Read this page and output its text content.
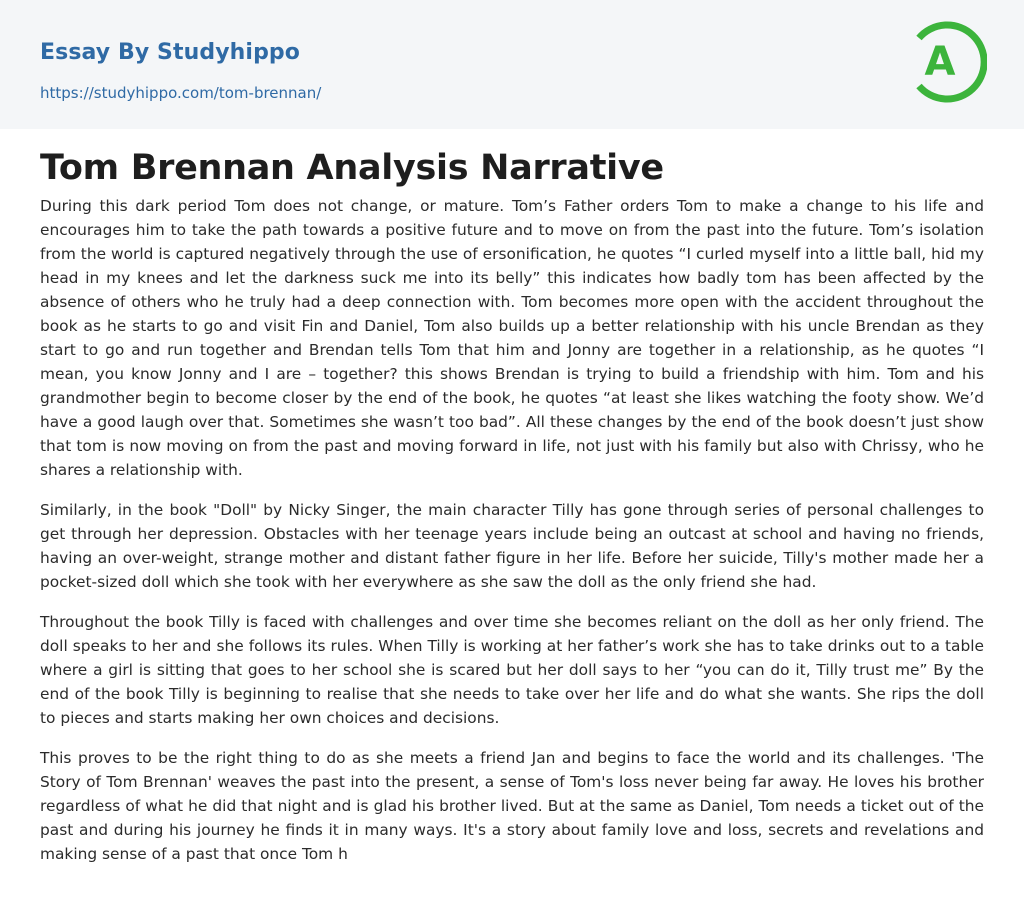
Essay By Studyhippo
https://studyhippo.com/tom-brennan/
A
Tom Brennan Analysis Narrative

During this dark period Tom does not change, or mature. Tom’s Father orders Tom to make a change to his life and encourages him to take the path towards a positive future and to move on from the past into the future. Tom’s isolation from the world is captured negatively through the use of ersonification, he quotes “I curled myself into a little ball, hid my head in my knees and let the darkness suck me into its belly” this indicates how badly tom has been affected by the absence of others who he truly had a deep connection with. Tom becomes more open with the accident throughout the book as he starts to go and visit Fin and Daniel, Tom also builds up a better relationship with his uncle Brendan as they start to go and run together and Brendan tells Tom that him and Jonny are together in a relationship, as he quotes “I mean, you know Jonny and I are – together? this shows Brendan is trying to build a friendship with him. Tom and his grandmother begin to become closer by the end of the book, he quotes “at least she likes watching the footy show. We’d have a good laugh over that. Sometimes she wasn’t too bad”. All these changes by the end of the book doesn’t just show that tom is now moving on from the past and moving forward in life, not just with his family but also with Chrissy, who he shares a relationship with.

Similarly, in the book "Doll" by Nicky Singer, the main character Tilly has gone through series of personal challenges to get through her depression. Obstacles with her teenage years include being an outcast at school and having no friends, having an over-weight, strange mother and distant father figure in her life. Before her suicide, Tilly's mother made her a pocket-sized doll which she took with her everywhere as she saw the doll as the only friend she had.

Throughout the book Tilly is faced with challenges and over time she becomes reliant on the doll as her only friend. The doll speaks to her and she follows its rules. When Tilly is working at her father’s work she has to take drinks out to a table where a girl is sitting that goes to her school she is scared but her doll says to her “you can do it, Tilly trust me” By the end of the book Tilly is beginning to realise that she needs to take over her life and do what she wants. She rips the doll to pieces and starts making her own choices and decisions.

This proves to be the right thing to do as she meets a friend Jan and begins to face the world and its challenges. 'The Story of Tom Brennan' weaves the past into the present, a sense of Tom's loss never being far away. He loves his brother regardless of what he did that night and is glad his brother lived. But at the same as Daniel, Tom needs a ticket out of the past and during his journey he finds it in many ways. It's a story about family love and loss, secrets and revelations and making sense of a past that once Tom h
